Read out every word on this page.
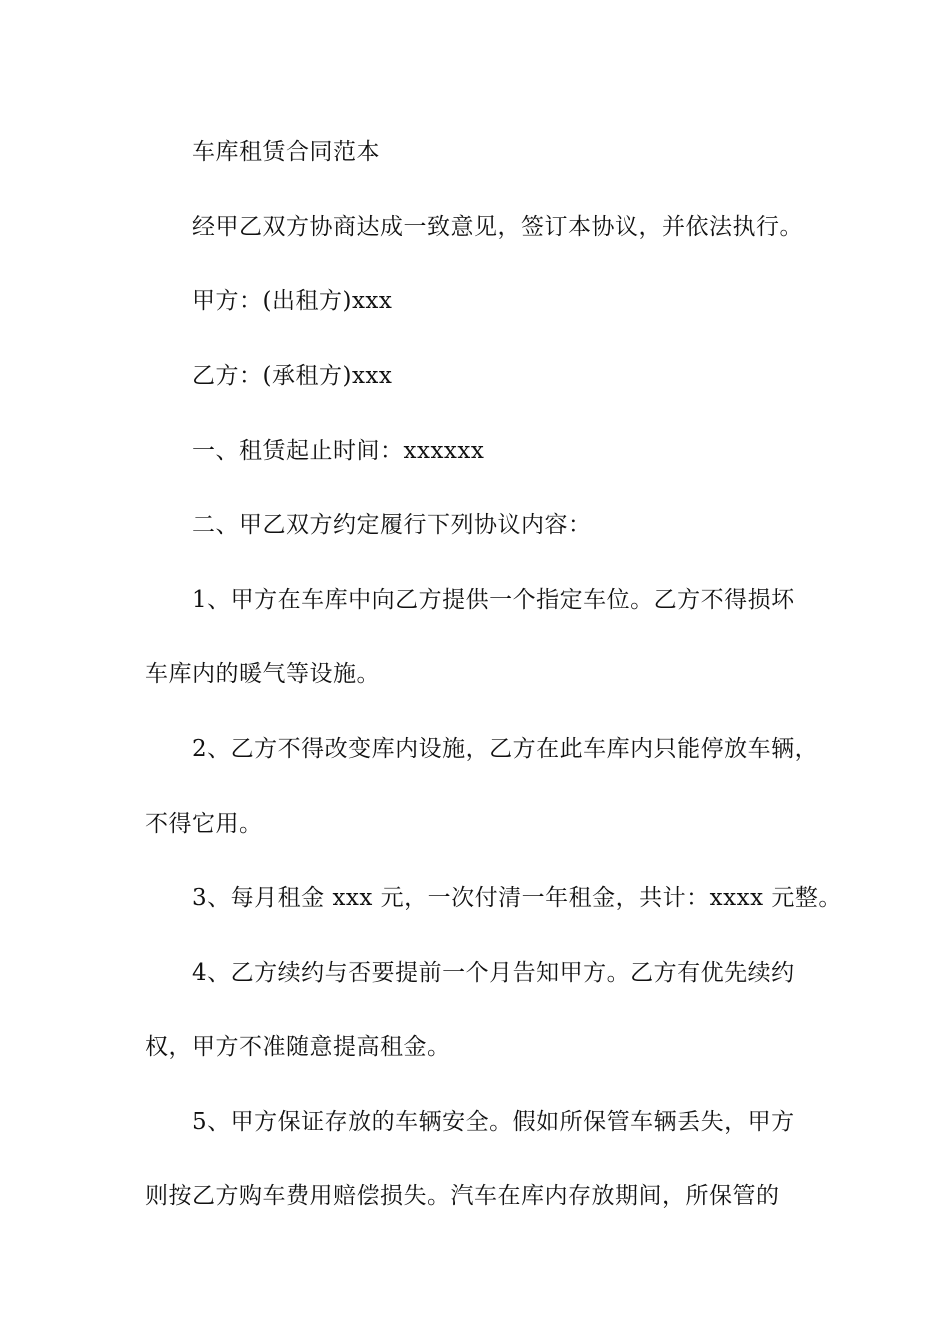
车库租赁合同范本
经甲乙双方协商达成一致意见，签订本协议，并依法执行。
甲方：(出租方)xxx
乙方：(承租方)xxx
一、租赁起止时间：xxxxxx
二、甲乙双方约定履行下列协议内容：
1、甲方在车库中向乙方提供一个指定车位。乙方不得损坏
车库内的暖气等设施。
2、乙方不得改变库内设施，乙方在此车库内只能停放车辆，
不得它用。
3、每月租金 xxx 元，一次付清一年租金，共计：xxxx 元整。
4、乙方续约与否要提前一个月告知甲方。乙方有优先续约
权，甲方不准随意提高租金。
5、甲方保证存放的车辆安全。假如所保管车辆丢失，甲方
则按乙方购车费用赔偿损失。汽车在库内存放期间，所保管的
